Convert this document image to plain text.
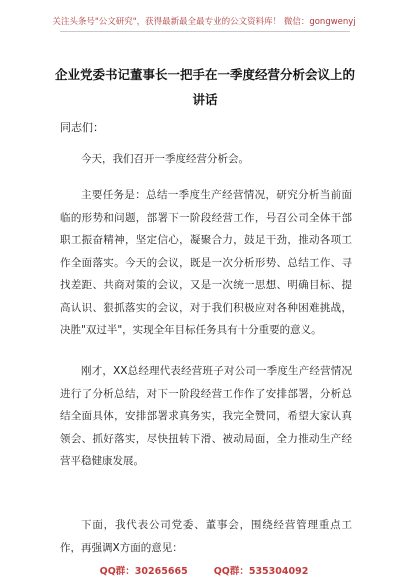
关注头条号"公文研究"，获得最新最全最专业的公文资料库！ 微信：gongwenyj
企业党委书记董事长一把手在一季度经营分析会议上的讲话
同志们：

今天，我们召开一季度经营分析会。

主要任务是：总结一季度生产经营情况，研究分析当前面临的形势和问题，部署下一阶段经营工作，号召公司全体干部职工振奋精神，坚定信心，凝聚合力，鼓足干劲，推动各项工作全面落实。今天的会议，既是一次分析形势、总结工作、寻找差距、共商对策的会议，又是一次统一思想、明确目标、提高认识、狠抓落实的会议，对于我们积极应对各种困难挑战，决胜"双过半"，实现全年目标任务具有十分重要的意义。

刚才，XX总经理代表经营班子对公司一季度生产经营情况进行了分析总结，对下一阶段经营工作作了安排部署，分析总结全面具体，安排部署求真务实，我完全赞同，希望大家认真领会、抓好落实，尽快扭转下滑、被动局面，全力推动生产经营平稳健康发展。

下面，我代表公司党委、董事会，围绕经营管理重点工作，再强调X方面的意见：

QQ群：30265665	QQ群：535304092
